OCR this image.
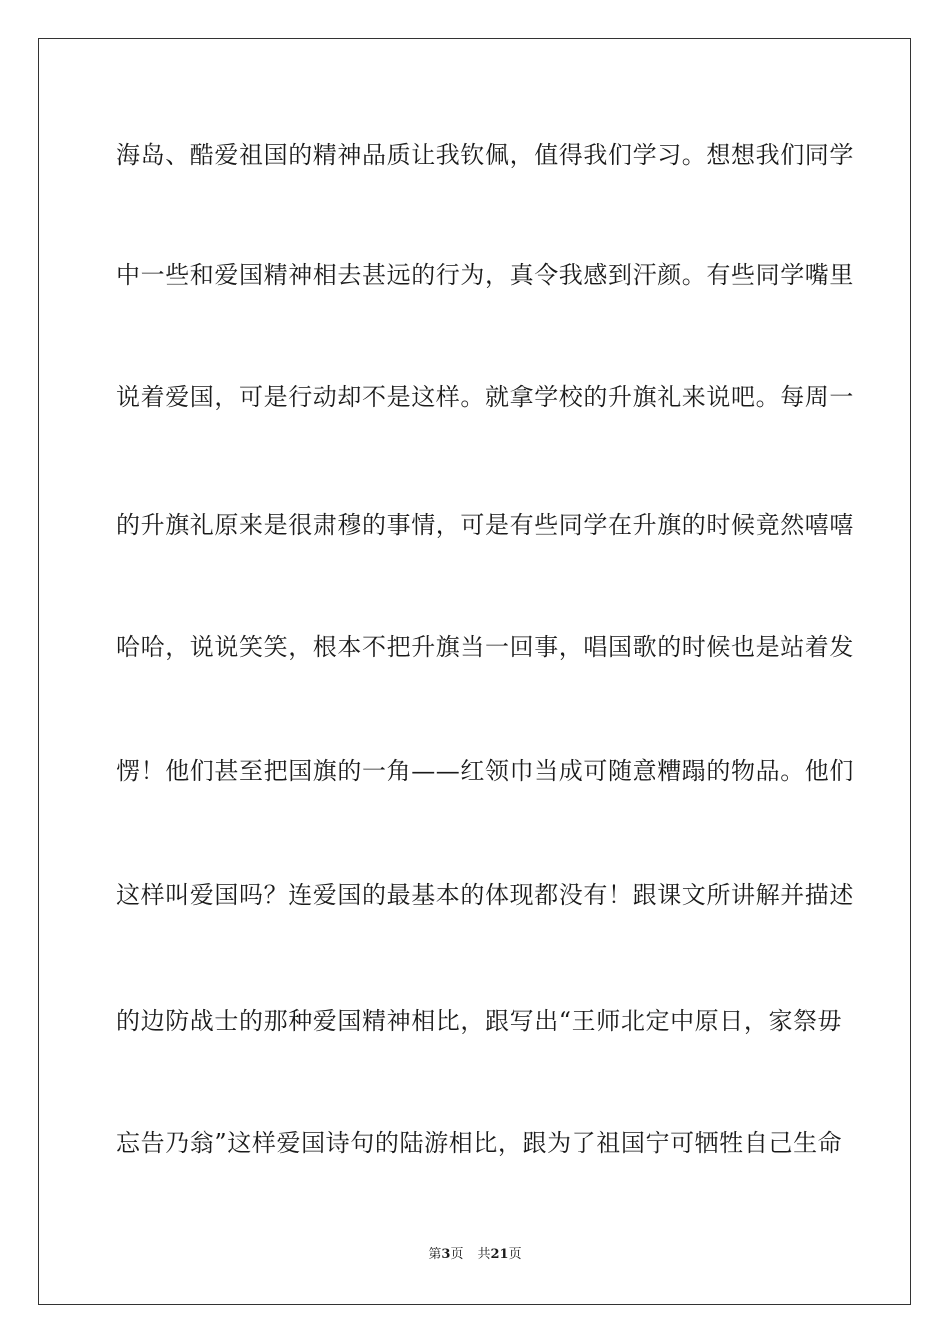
海岛、酷爱祖国的精神品质让我钦佩，值得我们学习。想想我们同学
中一些和爱国精神相去甚远的行为，真令我感到汗颜。有些同学嘴里
说着爱国，可是行动却不是这样。就拿学校的升旗礼来说吧。每周一
的升旗礼原来是很肃穆的事情，可是有些同学在升旗的时候竟然嘻嘻
哈哈，说说笑笑，根本不把升旗当一回事，唱国歌的时候也是站着发
愣！他们甚至把国旗的一角——红领巾当成可随意糟蹋的物品。他们
这样叫爱国吗？连爱国的最基本的体现都没有！跟课文所讲解并描述
的边防战士的那种爱国精神相比，跟写出“王师北定中原日，家祭毋
忘告乃翁”这样爱国诗句的陆游相比，跟为了祖国宁可牺牲自己生命
第3页 共21页
